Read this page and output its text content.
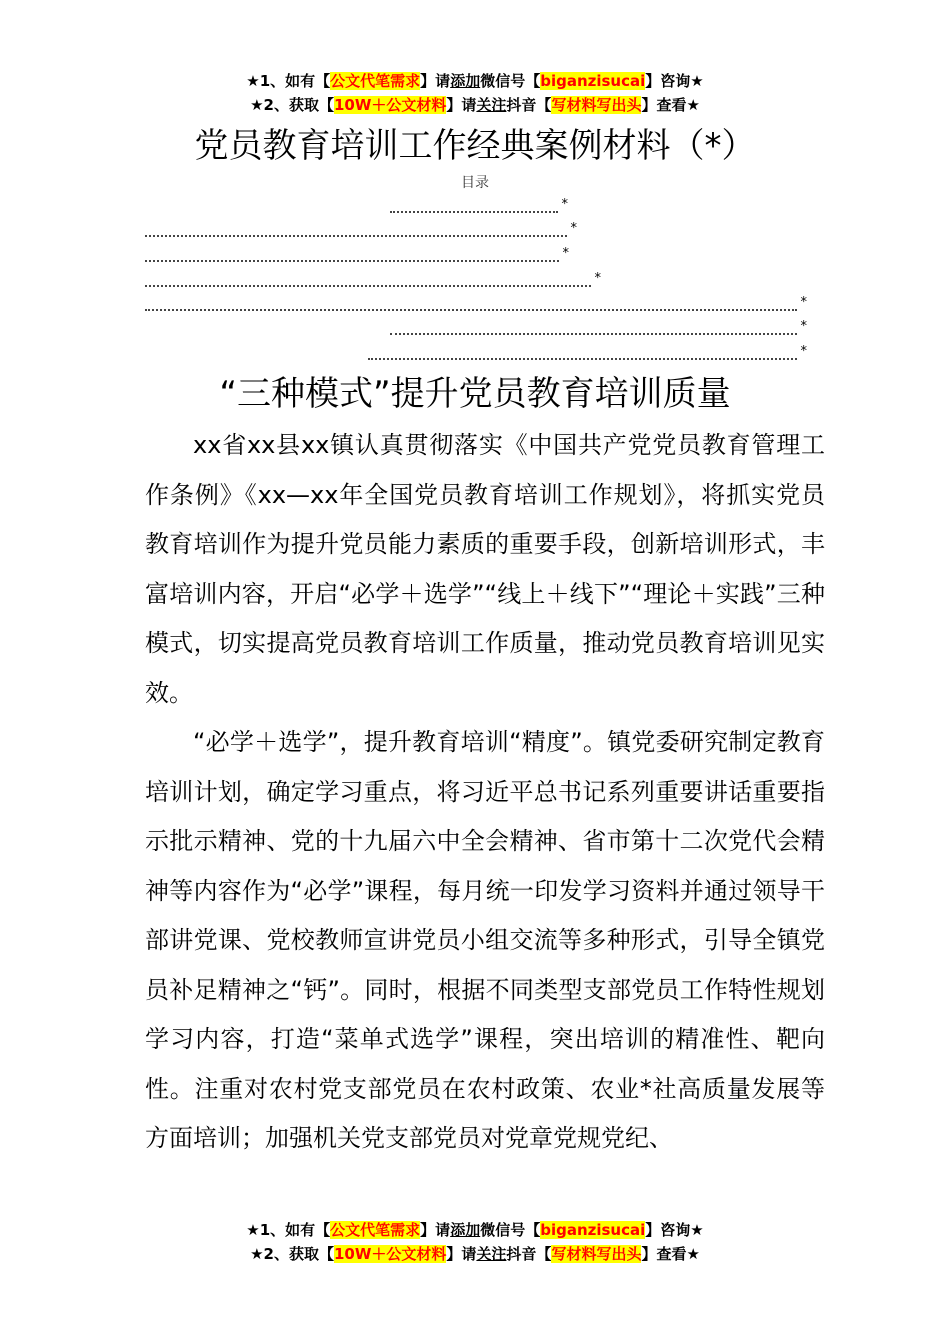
★1、如有【公文代笔需求】请添加微信号【biganzisucai】咨询★
★2、获取【10W＋公文材料】请关注抖音【写材料写出头】查看★
党员教育培训工作经典案例材料（*）
目录
*
*
*
*
*
*
*
“三种模式”提升党员教育培训质量
xx省xx县xx镇认真贯彻落实《中国共产党党员教育管理工作条例》《xx—xx年全国党员教育培训工作规划》，将抓实党员教育培训作为提升党员能力素质的重要手段，创新培训形式，丰富培训内容，开启“必学＋选学”“线上＋线下”“理论＋实践”三种模式，切实提高党员教育培训工作质量，推动党员教育培训见实效。
“必学＋选学”，提升教育培训“精度”。镇党委研究制定教育培训计划，确定学习重点，将习近平总书记系列重要讲话重要指示批示精神、党的十九届六中全会精神、省市第十二次党代会精神等内容作为“必学”课程，每月统一印发学习资料并通过领导干部讲党课、党校教师宣讲党员小组交流等多种形式，引导全镇党员补足精神之“钙”。同时，根据不同类型支部党员工作特性规划学习内容，打造“菜单式选学”课程，突出培训的精准性、靶向性。注重对农村党支部党员在农村政策、农业*社高质量发展等方面培训；加强机关党支部党员对党章党规党纪、
★1、如有【公文代笔需求】请添加微信号【biganzisucai】咨询★
★2、获取【10W＋公文材料】请关注抖音【写材料写出头】查看★
